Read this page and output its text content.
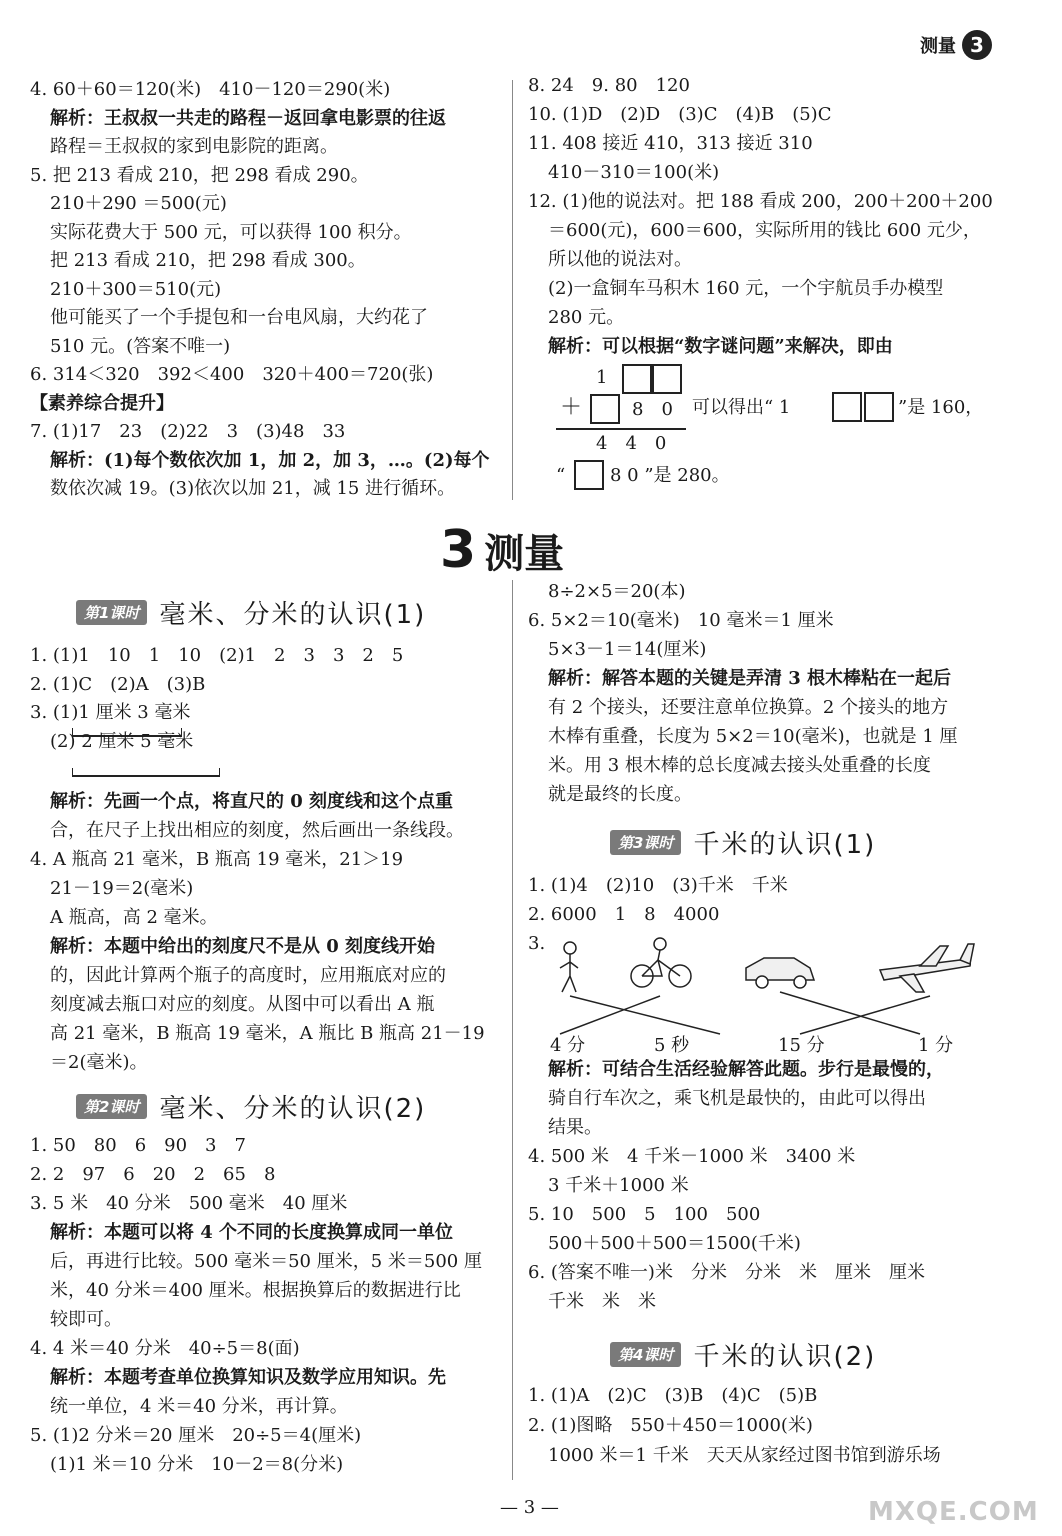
测量 3
4. 60＋60＝120(米)　410－120＝290(米)
解析：王叔叔一共走的路程－返回拿电影票的往返
路程＝王叔叔的家到电影院的距离。
5. 把 213 看成 210，把 298 看成 290。
210＋290 ＝500(元)
实际花费大于 500 元，可以获得 100 积分。
把 213 看成 210，把 298 看成 300。
210＋300＝510(元)
他可能买了一个手提包和一台电风扇，大约花了
510 元。(答案不唯一)
6. 314＜320　392＜400　320＋400＝720(张)
【素养综合提升】
7. (1)17　23　(2)22　3　(3)48　33
解析：(1)每个数依次加 1，加 2，加 3，…。(2)每个
数依次减 19。(3)依次以加 21，减 15 进行循环。
8. 24　9. 80　120
10. (1)D　(2)D　(3)C　(4)B　(5)C
11. 408 接近 410，313 接近 310
410－310＝100(米)
12. (1)他的说法对。把 188 看成 200，200＋200＋200
＝600(元)，600＝600，实际所用的钱比 600 元少，
所以他的说法对。
(2)一盒铜车马积木 160 元，一个宇航员手办模型
280 元。
解析：可以根据“数字谜问题”来解决，即由
1
＋	8　0
4　4　0
可以得出“ 1	”是 160，
“ 8 0 ”是 280。
3 测量
第1课时 毫米、分米的认识(1)
第2课时 毫米、分米的认识(2)
第3课时 千米的认识(1)
第4课时 千米的认识(2)
1. (1)1　10　1　10　(2)1　2　3　3　2　5
2. (1)C　(2)A　(3)B
3. (1)1 厘米 3 毫米
(2) 2 厘米 5 毫米
解析：先画一个点，将直尺的 0 刻度线和这个点重
合，在尺子上找出相应的刻度，然后画出一条线段。
4. A 瓶高 21 毫米，B 瓶高 19 毫米，21＞19
21－19＝2(毫米)
A 瓶高，高 2 毫米。
解析：本题中给出的刻度尺不是从 0 刻度线开始
的，因此计算两个瓶子的高度时，应用瓶底对应的
刻度减去瓶口对应的刻度。从图中可以看出 A 瓶
高 21 毫米，B 瓶高 19 毫米，A 瓶比 B 瓶高 21－19
＝2(毫米)。
1. 50　80　6　90　3　7
2. 2　97　6　20　2　65　8
3. 5 米　40 分米　500 毫米　40 厘米
解析：本题可以将 4 个不同的长度换算成同一单位
后，再进行比较。500 毫米＝50 厘米，5 米＝500 厘
米，40 分米＝400 厘米。根据换算后的数据进行比
较即可。
4. 4 米＝40 分米　40÷5＝8(面)
解析：本题考查单位换算知识及数学应用知识。先
统一单位，4 米＝40 分米，再计算。
5. (1)2 分米＝20 厘米　20÷5＝4(厘米)
(1)1 米＝10 分米　10－2＝8(分米)
8÷2×5＝20(本)
6. 5×2＝10(毫米)　10 毫米＝1 厘米
5×3－1＝14(厘米)
解析：解答本题的关键是弄清 3 根木棒粘在一起后
有 2 个接头，还要注意单位换算。2 个接头的地方
木棒有重叠，长度为 5×2＝10(毫米)，也就是 1 厘
米。用 3 根木棒的总长度减去接头处重叠的长度
就是最终的长度。
1. (1)4　(2)10　(3)千米　千米
2. 6000　1　8　4000
3.
解析：可结合生活经验解答此题。步行是最慢的，
骑自行车次之，乘飞机是最快的，由此可以得出
结果。
4. 500 米　4 千米－1000 米　3400 米
3 千米＋1000 米
5. 10　500　5　100　500
500＋500＋500＝1500(千米)
6. (答案不唯一)米　分米　分米　米　厘米　厘米
千米　米　米
1. (1)A　(2)C　(3)B　(4)C　(5)B
2. (1)图略　550＋450＝1000(米)
1000 米＝1 千米　天天从家经过图书馆到游乐场
4 分	5 秒	15 分	1 分
— 3 —	MXQE.COM
